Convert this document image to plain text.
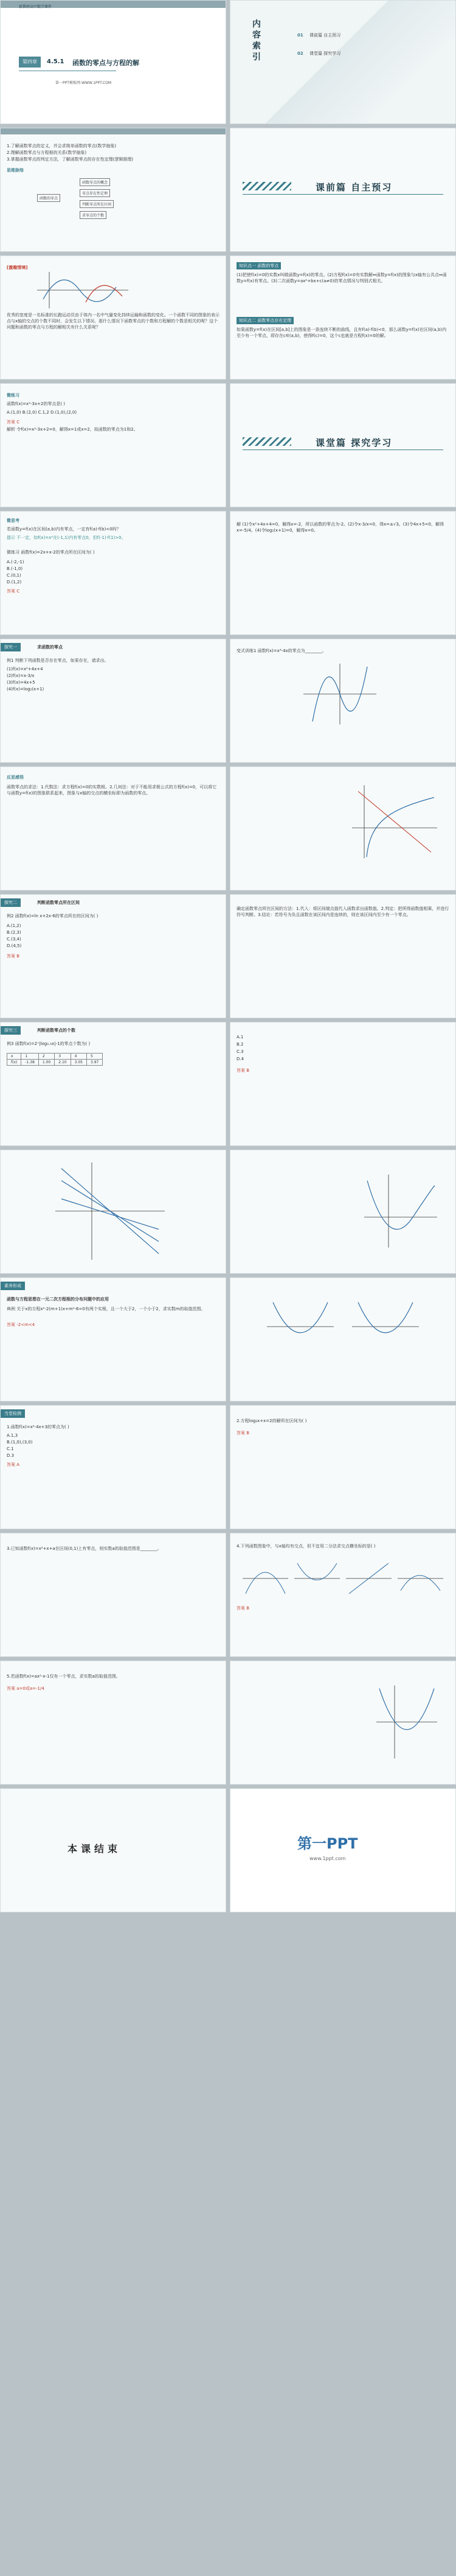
新教材高中数学课件
第四章	4.5.1 函数的零点与方程的解
第一PPT模板网-WWW.1PPT.COM
内容索引
01 课前篇 自主预习
02 课堂篇 探究学习
1.了解函数零点的定义，并会求简单函数的零点(数学抽象)
2.理解函数零点与方程根的关系(数学抽象)
3.掌握函数零点的判定方法，了解函数零点的存在性定理(逻辑推理)
思维脉络
函数的零点
函数零点的概念
零点存在性定理
判断零点所在区间
求零点的个数
课前篇 自主预习
[激趣情境]
优秀的宽度是一名标准的长跑运动员由于体内一名中气量变化持续运输和函数的变化。一个函数不同的图象的表示点与x轴的交点的个数不同时，会发生以下情况。那什么情况下函数零点的个数和方程解的个数是相关的呢？这个问题和函数的零点与方程的解相关有什么关系呢？
知识点一 函数的零点
(1)把使f(x)=0的实数x叫做函数y=f(x)的零点。(2)方程f(x)=0有实数解⇔函数y=f(x)的图象与x轴有公共点⇔函数y=f(x)有零点。(3)二次函数y=ax²+bx+c(a≠0)的零点情况与判别式相关。
知识点二 函数零点存在定理
如果函数y=f(x)在区间[a,b]上的图象是一条连续不断的曲线，且有f(a)·f(b)<0，那么函数y=f(x)在区间(a,b)内至少有一个零点，即存在c∈(a,b)，使得f(c)=0，这个c也就是方程f(x)=0的解。
微练习
函数f(x)=x²-3x+2的零点是( )
A.(1,0) B.(2,0) C.1,2 D.(1,0),(2,0)
答案 C
解析 令f(x)=x²-3x+2=0，解得x=1或x=2，故函数的零点为1和2。
课堂篇 探究学习
微思考
若函数y=f(x)在区间(a,b)内有零点，一定有f(a)·f(b)<0吗？
提示 不一定，如f(x)=x²在(-1,1)内有零点0，但f(-1)·f(1)>0。
微练习 函数f(x)=2x+x-2的零点所在区间为( )
A.(-2,-1)
B.(-1,0)
C.(0,1)
D.(1,2)
答案 C
解 (1)令x²+4x+4=0，解得x=-2，所以函数的零点为-2。(2)令x-3/x=0，得x=±√3。(3)令4x+5=0，解得x=-5/4。(4)令log₂(x+1)=0，解得x=0。
探究一	求函数的零点
例1 判断下列函数是否存在零点，如果存在，请求出。
(1)f(x)=x²+4x+4
(2)f(x)=x-3/x
(3)f(x)=4x+5
(4)f(x)=log₂(x+1)
变式训练1 函数f(x)=x³-4x的零点为________。
反思感悟
函数零点的求法：1.代数法：求方程f(x)=0的实数根。2.几何法：对于不能用求根公式的方程f(x)=0，可以将它与函数y=f(x)的图象联系起来，图象与x轴的交点的横坐标即为函数的零点。
探究二	判断函数零点所在区间
例2 函数f(x)=ln x+2x-6的零点所在的区间为( )
A.(1,2)
B.(2,3)
C.(3,4)
D.(4,5)
答案 B
确定函数零点所在区间的方法：1.代入：将区间端点值代入函数求出函数值。2.判定：把所得函数值相乘，并进行符号判断。3.结论：若符号为负且函数在该区间内是连续的，则在该区间内至少有一个零点。
探究三	判断函数零点的个数
例3 函数f(x)=2ˣ|log₀.₅x|-1的零点个数为( )
x	1	2	3	4	5
f(x)	-1.38	1.00	2.10	3.05	3.97
A.1
B.2
C.3
D.4
答案 B
素养形成
函数与方程思想在一元二次方程根的分布问题中的应用
典例 关于x的方程x²-2(m+1)x+m²-6=0有两个实根，且一个大于2，一个小于2，求实数m的取值范围。
答案 -2<m<4
当堂检测
1.函数f(x)=x²-4x+3的零点为( )
A.1,3
B.(1,0),(3,0)
C.1
D.3
答案 A
2.方程log₂x+x=2的解所在区间为( )
答案 B
3.已知函数f(x)=x²+x+a在区间(0,1)上有零点，则实数a的取值范围是________。	4.下列函数图象中，与x轴均有交点，但不宜用二分法求交点横坐标的是( )
答案 B
5.若函数f(x)=ax²-x-1仅有一个零点，求实数a的取值范围。
答案 a=0或a=-1/4
本课结束	第一PPT
www.1ppt.com
